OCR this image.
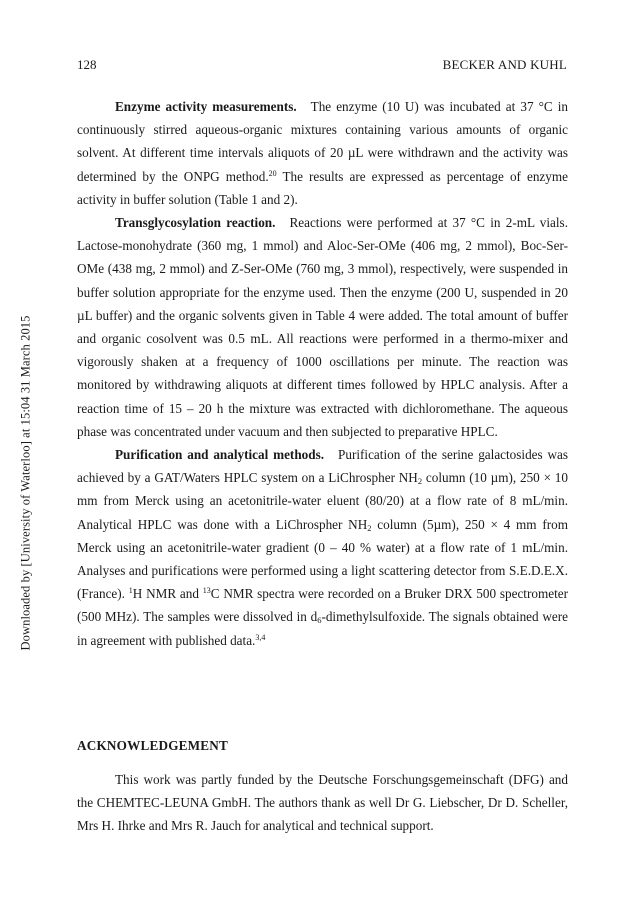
128	BECKER AND KUHL
Downloaded by [University of Waterloo] at 15:04 31 March 2015

Enzyme activity measurements. The enzyme (10 U) was incubated at 37 °C in continuously stirred aqueous-organic mixtures containing various amounts of organic solvent. At different time intervals aliquots of 20 µL were withdrawn and the activity was determined by the ONPG method.$^{20}$ The results are expressed as percentage of enzyme activity in buffer solution (Table 1 and 2).

Transglycosylation reaction. Reactions were performed at 37 °C in 2-mL vials. Lactose-monohydrate (360 mg, 1 mmol) and Aloc-Ser-OMe (406 mg, 2 mmol), Boc-Ser-OMe (438 mg, 2 mmol) and Z-Ser-OMe (760 mg, 3 mmol), respectively, were suspended in buffer solution appropriate for the enzyme used. Then the enzyme (200 U, suspended in 20 µL buffer) and the organic solvents given in Table 4 were added. The total amount of buffer and organic cosolvent was 0.5 mL. All reactions were performed in a thermo-mixer and vigorously shaken at a frequency of 1000 oscillations per minute. The reaction was monitored by withdrawing aliquots at different times followed by HPLC analysis. After a reaction time of 15 – 20 h the mixture was extracted with dichloromethane. The aqueous phase was concentrated under vacuum and then subjected to preparative HPLC.

Purification and analytical methods. Purification of the serine galactosides was achieved by a GAT/Waters HPLC system on a LiChrospher $NH_2$ column (10 µm), 250 × 10 mm from Merck using an acetonitrile-water eluent (80/20) at a flow rate of 8 mL/min. Analytical HPLC was done with a LiChrospher $NH_2$ column (5µm), 250 × 4 mm from Merck using an acetonitrile-water gradient (0 – 40 % water) at a flow rate of 1 mL/min. Analyses and purifications were performed using a light scattering detector from S.E.D.E.X. (France). $^1$H NMR and $^{13}$C NMR spectra were recorded on a Bruker DRX 500 spectrometer (500 MHz). The samples were dissolved in $d_6$-dimethylsulfoxide. The signals obtained were in agreement with published data.$^{3,4}$

ACKNOWLEDGEMENT

This work was partly funded by the Deutsche Forschungsgemeinschaft (DFG) and the CHEMTEC-LEUNA GmbH. The authors thank as well Dr G. Liebscher, Dr D. Scheller, Mrs H. Ihrke and Mrs R. Jauch for analytical and technical support.
